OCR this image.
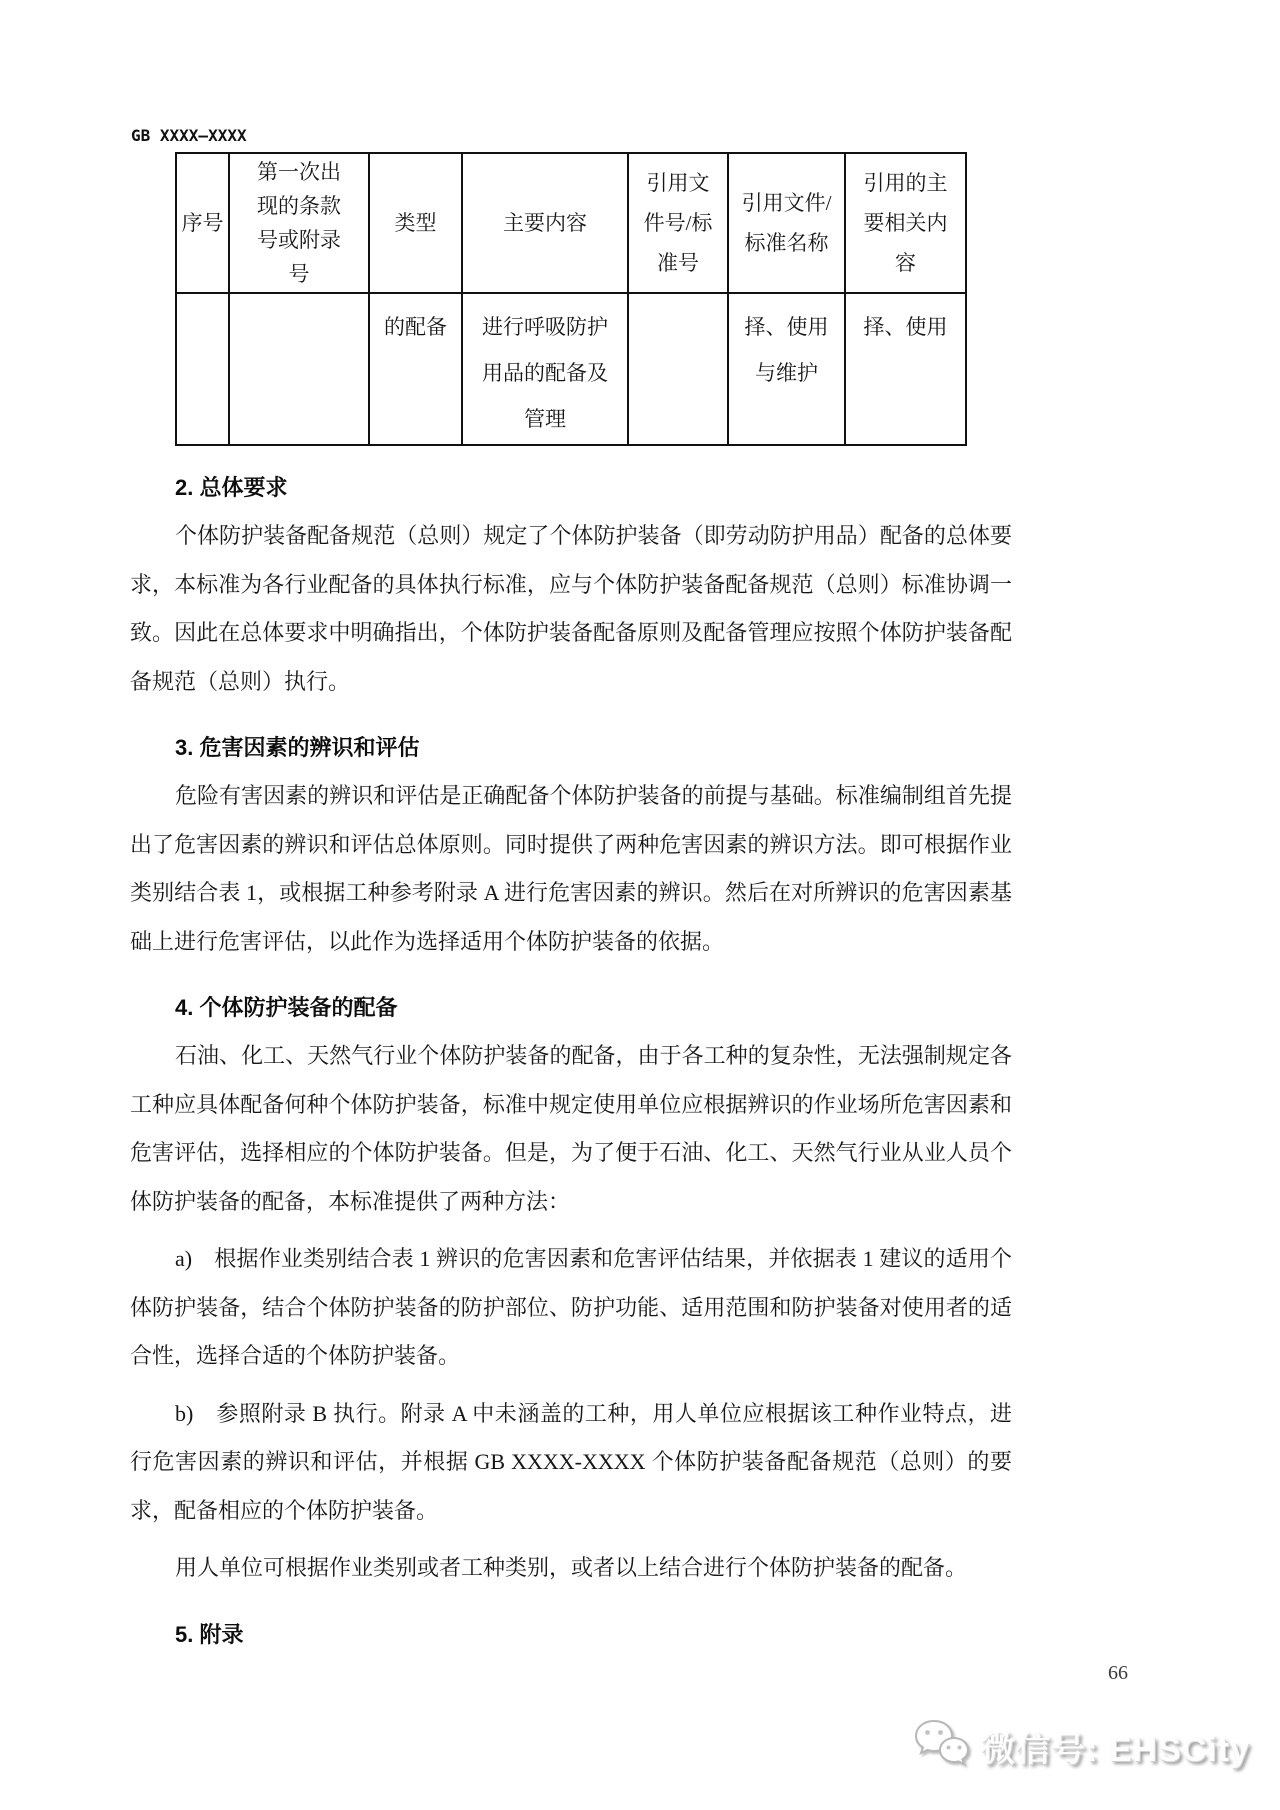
GB XXXX—XXXX
序号	第一次出现的条款号或附录号	类型	主要内容	引用文件号/标准号	引用文件/标准名称	引用的主要相关内容
		的配备	进行呼吸防护用品的配备及管理		择、使用与维护	择、使用
2. 总体要求
个体防护装备配备规范（总则）规定了个体防护装备（即劳动防护用品）配备的总体要求，本标准为各行业配备的具体执行标准，应与个体防护装备配备规范（总则）标准协调一致。因此在总体要求中明确指出，个体防护装备配备原则及配备管理应按照个体防护装备配备规范（总则）执行。
3. 危害因素的辨识和评估
危险有害因素的辨识和评估是正确配备个体防护装备的前提与基础。标准编制组首先提出了危害因素的辨识和评估总体原则。同时提供了两种危害因素的辨识方法。即可根据作业类别结合表 1，或根据工种参考附录 A 进行危害因素的辨识。然后在对所辨识的危害因素基础上进行危害评估，以此作为选择适用个体防护装备的依据。
4. 个体防护装备的配备
石油、化工、天然气行业个体防护装备的配备，由于各工种的复杂性，无法强制规定各工种应具体配备何种个体防护装备，标准中规定使用单位应根据辨识的作业场所危害因素和危害评估，选择相应的个体防护装备。但是，为了便于石油、化工、天然气行业从业人员个体防护装备的配备，本标准提供了两种方法：
a)　根据作业类别结合表 1 辨识的危害因素和危害评估结果，并依据表 1 建议的适用个体防护装备，结合个体防护装备的防护部位、防护功能、适用范围和防护装备对使用者的适合性，选择合适的个体防护装备。
b)　参照附录 B 执行。附录 A 中未涵盖的工种，用人单位应根据该工种作业特点，进行危害因素的辨识和评估，并根据 GB XXXX-XXXX 个体防护装备配备规范（总则）的要求，配备相应的个体防护装备。
用人单位可根据作业类别或者工种类别，或者以上结合进行个体防护装备的配备。
5. 附录
66
微信号: EHSCity
